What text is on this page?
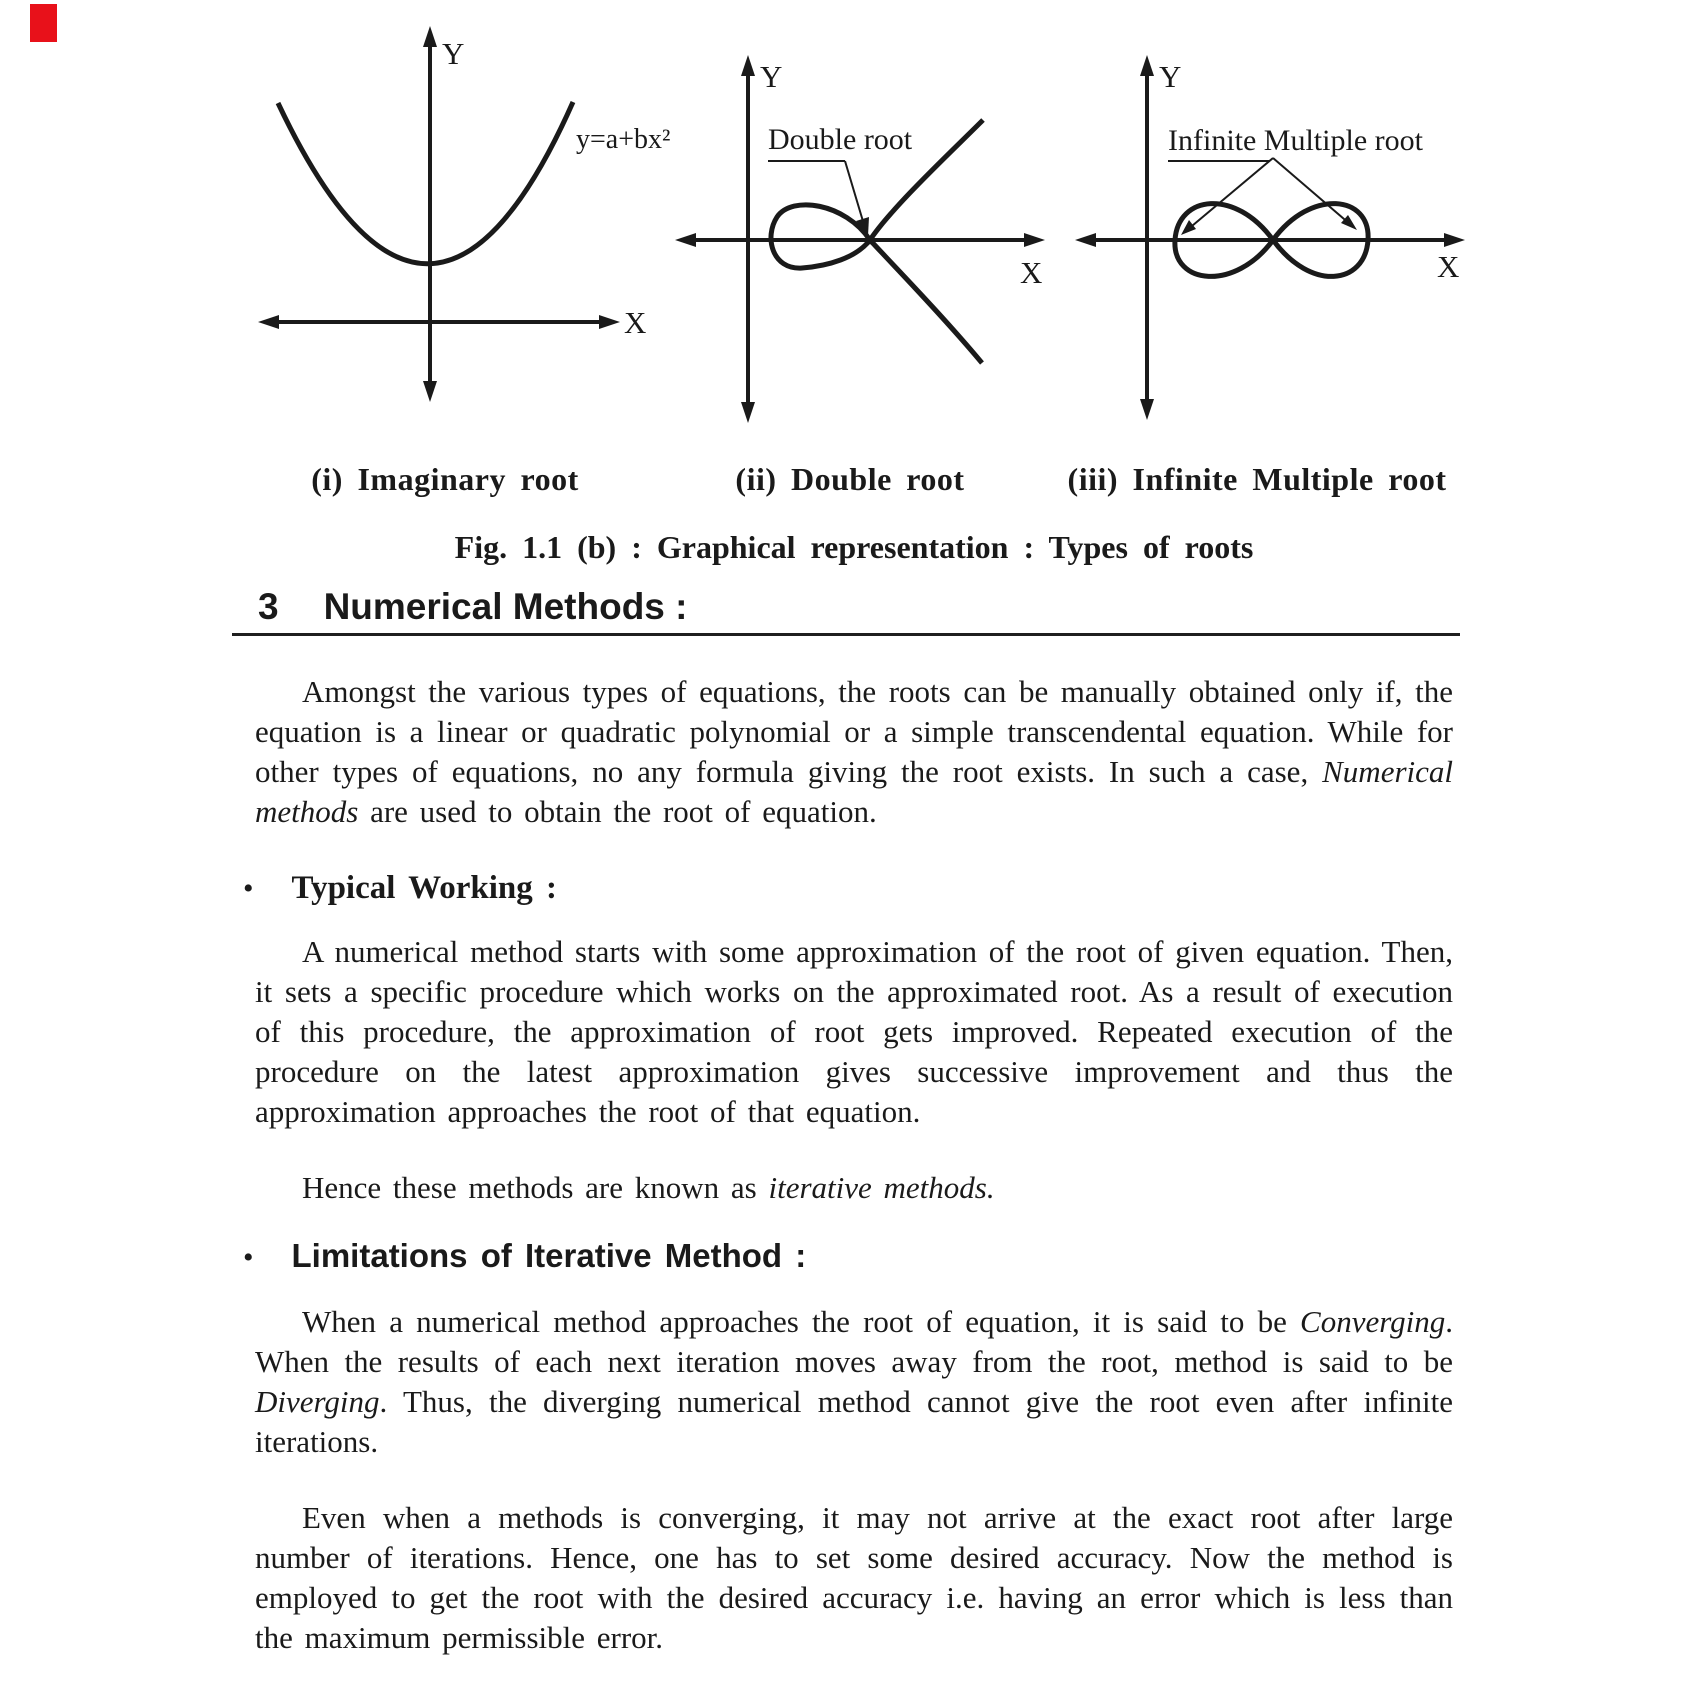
Y
X
y=a+bx²	Double root
Y
X
Infinite Multiple root
Y
X
(i) Imaginary root	(ii) Double root	(iii) Infinite Multiple root
Fig. 1.1 (b) : Graphical representation : Types of roots
3 Numerical Methods :
Amongst the various types of equations, the roots can be manually obtained only if, the equation is a linear or quadratic polynomial or a simple transcendental equation. While for other types of equations, no any formula giving the root exists. In such a case, Numerical methods are used to obtain the root of equation.
• Typical Working :
A numerical method starts with some approximation of the root of given equation. Then, it sets a specific procedure which works on the approximated root. As a result of execution of this procedure, the approximation of root gets improved. Repeated execution of the procedure on the latest approximation gives successive improvement and thus the approximation approaches the root of that equation.
Hence these methods are known as iterative methods.
• Limitations of Iterative Method :
When a numerical method approaches the root of equation, it is said to be Converging. When the results of each next iteration moves away from the root, method is said to be Diverging. Thus, the diverging numerical method cannot give the root even after infinite iterations.
Even when a methods is converging, it may not arrive at the exact root after large number of iterations. Hence, one has to set some desired accuracy. Now the method is employed to get the root with the desired accuracy i.e. having an error which is less than the maximum permissible error.
